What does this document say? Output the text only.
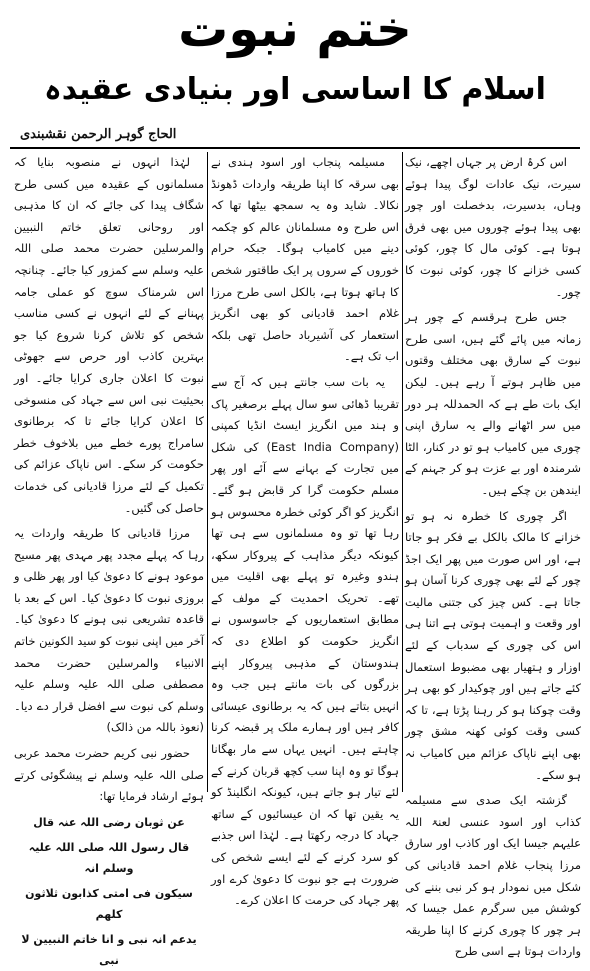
ختم نبوت
اسلام کا اساسی اور بنیادی عقیدہ
الحاج گوہر الرحمن نقشبندی

اس کرۂ ارض پر جہاں اچھے، نیک سیرت، نیک عادات لوگ پیدا ہوئے وہاں، بدسیرت، بدخصلت اور چور بھی پیدا ہوئے چوروں میں بھی فرق ہوتا ہے۔ کوئی مال کا چور، کوئی کسی خزانے کا چور، کوئی نبوت کا چور۔

جس طرح ہرقسم کے چور ہر زمانہ میں پائے گئے ہیں، اسی طرح نبوت کے سارق بھی مختلف وقتوں میں ظاہر ہوتے آ رہے ہیں۔ لیکن ایک بات طے ہے کہ الحمدللہ ہر دور میں سر اٹھانے والے یہ سارق اپنی چوری میں کامیاب ہو تو در کنار، الٹا شرمندہ اور بے عزت ہو کر جہنم کے ایندھن بن چکے ہیں۔

اگر چوری کا خطرہ نہ ہو تو خزانے کا مالک بالکل بے فکر ہو جاتا ہے، اور اس صورت میں پھر ایک اجڈ چور کے لئے بھی چوری کرنا آسان ہو جاتا ہے۔ کس چیز کی جتنی مالیت اور وقعت و اہمیت ہوتی ہے اتنا ہی اس کی چوری کے سدباب کے لئے اوزار و ہتھیار بھی مضبوط استعمال کئے جاتے ہیں اور چوکیدار کو بھی ہر وقت چوکنا ہو کر رہنا پڑتا ہے، تا کہ کسی وقت کوئی کھنہ مشق چور بھی اپنے ناپاک عزائم میں کامیاب نہ ہو سکے۔

گزشتہ ایک صدی سے مسیلمہ کذاب اور اسود عنسی لعنۃ اللہ علیہم جیسا ایک اور کاذب اور سارق مرزا پنجاب غلام احمد قادیانی کی شکل میں نمودار ہو کر نبی بننے کی کوشش میں سرگرم عمل جیسا کہ ہر چور کا چوری کرنے کا اپنا طریقہ واردات ہوتا ہے اسی طرح

مسیلمہ پنجاب اور اسود ہندی نے بھی سرقہ کا اپنا طریقہ واردات ڈھونڈ نکالا۔ شاید وہ یہ سمجھ بیٹھا تھا کہ اس طرح وہ مسلمانان عالم کو چکمہ دینے میں کامیاب ہوگا۔ جبکہ حرام خوروں کے سروں پر ایک طاقتور شخص کا ہاتھ ہوتا ہے، بالکل اسی طرح مرزا غلام احمد قادیانی کو بھی انگریز استعمار کی آشیرباد حاصل تھی بلکہ اب تک ہے۔

یہ بات سب جانتے ہیں کہ آج سے تقریبا ڈھائی سو سال پہلے برصغیر پاک و ہند میں انگریز ایسٹ انڈیا کمپنی (East India Company) کی شکل میں تجارت کے بہانے سے آئے اور پھر مسلم حکومت گرا کر قابض ہو گئے۔ انگریز کو اگر کوئی خطرہ محسوس ہو رہا تھا تو وہ مسلمانوں سے ہی تھا کیونکہ دیگر مذاہب کے پیروکار سکھ، ہندو وغیرہ تو پہلے بھی اقلیت میں تھے۔ تحریک احمدیت کے مولف کے مطابق استعماریوں کے جاسوسوں نے انگریز حکومت کو اطلاع دی کہ ہندوستان کے مذہبی پیروکار اپنے بزرگوں کی بات مانتے ہیں جب وہ انہیں بتاتے ہیں کہ یہ برطانوی عیسائی کافر ہیں اور ہمارے ملک پر قبضہ کرنا چاہتے ہیں۔ انہیں یہاں سے مار بھگانا ہوگا تو وہ اپنا سب کچھ قربان کرنے کے لئے تیار ہو جاتے ہیں، کیونکہ انگلینڈ کو یہ یقین تھا کہ ان عیسائیوں کے ساتھ جہاد کا درجہ رکھتا ہے۔ لہٰذا اس جذبے کو سرد کرنے کے لئے ایسے شخص کی ضرورت ہے جو نبوت کا دعویٰ کرے اور پھر جہاد کی حرمت کا اعلان کرے۔

لہٰذا انہوں نے منصوبہ بنایا کہ مسلمانوں کے عقیدہ میں کسی طرح شگاف پیدا کی جائے کہ ان کا مذہبی اور روحانی تعلق خاتم النبیین والمرسلین حضرت محمد صلی اللہ علیہ وسلم سے کمزور کیا جائے۔ چنانچہ اس شرمناک سوچ کو عملی جامہ پہنانے کے لئے انہوں نے کسی مناسب شخص کو تلاش کرنا شروع کیا جو بہترین کاذب اور حرص سے جھوٹی نبوت کا اعلان جاری کرایا جائے۔ اور بحیثیت نبی اس سے جہاد کی منسوخی کا اعلان کرایا جائے تا کہ برطانوی سامراج پورے خطے میں بلاخوف خطر حکومت کر سکے۔ اس ناپاک عزائم کی تکمیل کے لئے مرزا قادیانی کی خدمات حاصل کی گئیں۔

مرزا قادیانی کا طریقہ واردات یہ رہا کہ پہلے مجدد پھر مہدی پھر مسیح موعود ہونے کا دعویٰ کیا اور پھر ظلی و بروزی نبوت کا دعویٰ کیا۔ اس کے بعد با قاعدہ تشریعی نبی ہونے کا دعویٰ کیا۔ آخر میں اپنی نبوت کو سید الکونین خاتم الانبیاء والمرسلین حضرت محمد مصطفی صلی اللہ علیہ وسلم علیہ وسلم کی نبوت سے افضل قرار دے دیا۔ (نعوذ باللہ من ذالک)

حضور نبی کریم حضرت محمد عربی صلی اللہ علیہ وسلم نے پیشگوئی کرتے ہوئے ارشاد فرمایا تھا:

عن ثوبان رضی اللہ عنہ قال

قال رسول اللہ صلی اللہ علیہ وسلم انہ

سیکون فی امتی کذابون ثلاثون کلھم

یدعم انہ نبی و انا خاتم النبیین لا نبی
